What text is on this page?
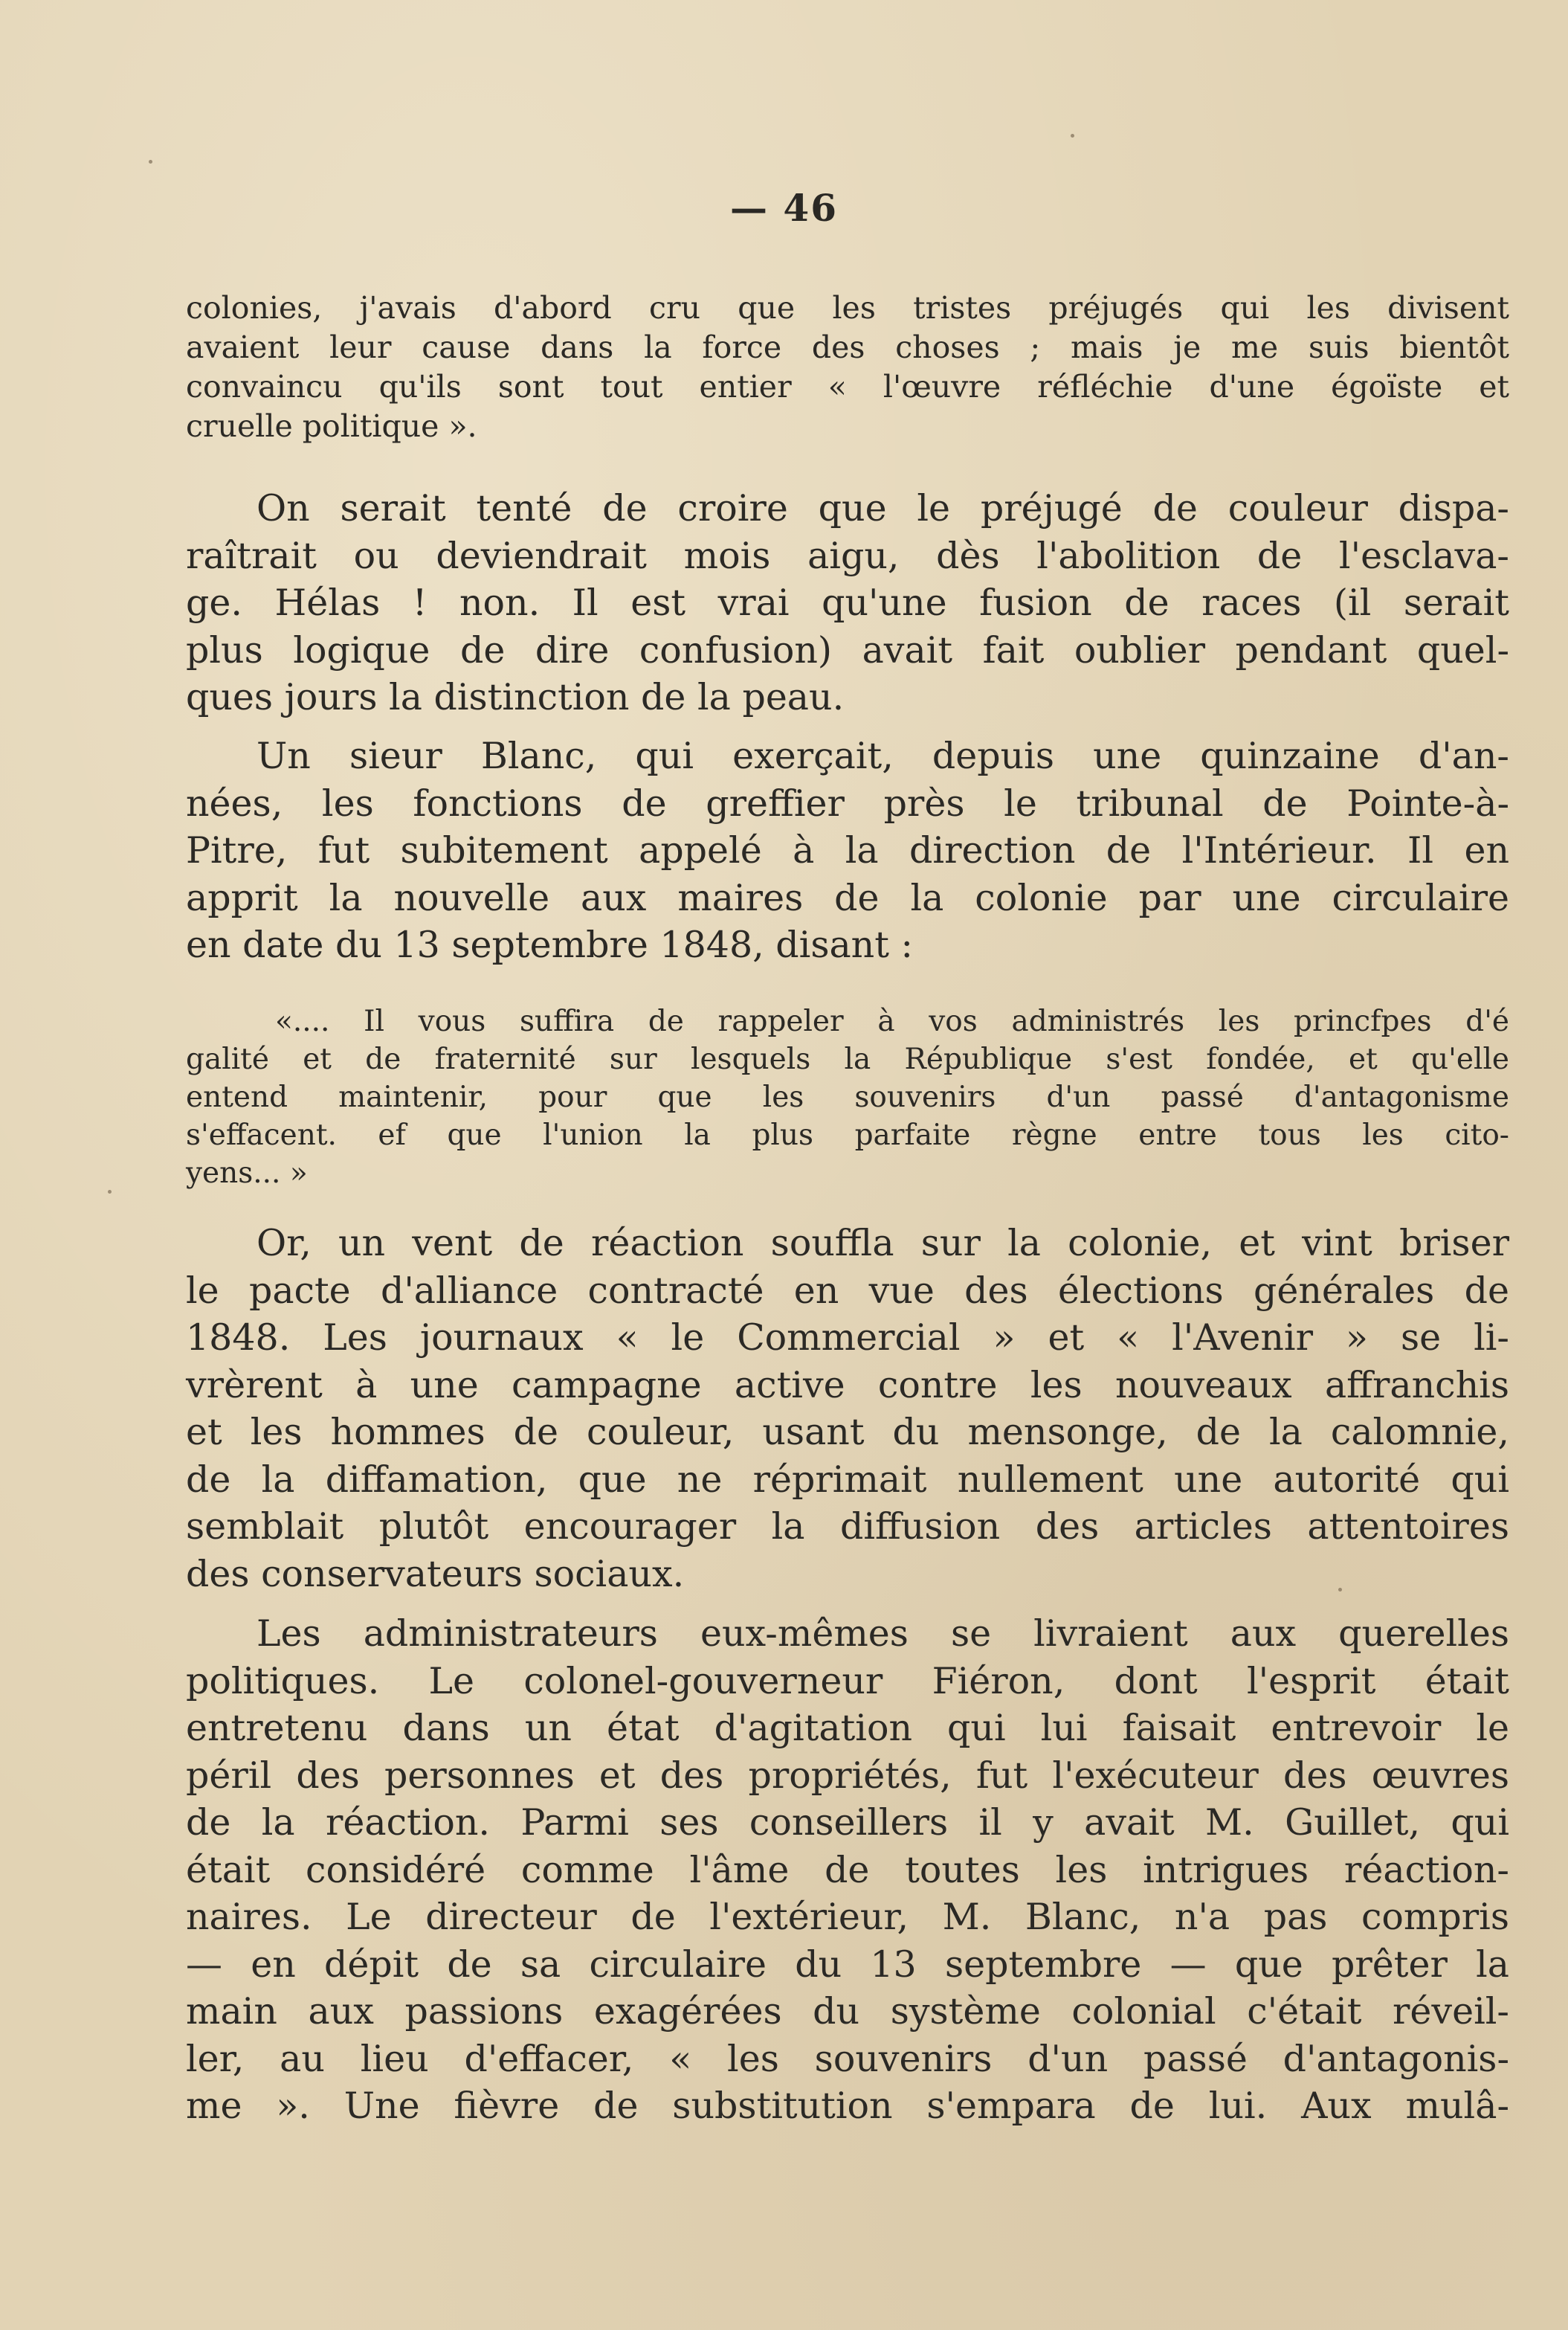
— 46
colonies, j'avais d'abord cru que les tristes préjugés qui les divisent
avaient leur cause dans la force des choses ; mais je me suis bientôt
convaincu qu'ils sont tout entier « l'œuvre réfléchie d'une égoïste et
cruelle politique ».
On serait tenté de croire que le préjugé de couleur dispa-
raîtrait ou deviendrait mois aigu, dès l'abolition de l'esclava-
ge. Hélas ! non. Il est vrai qu'une fusion de races (il serait
plus logique de dire confusion) avait fait oublier pendant quel-
ques jours la distinction de la peau.
Un sieur Blanc, qui exerçait, depuis une quinzaine d'an-
nées, les fonctions de greffier près le tribunal de Pointe-à-
Pitre, fut subitement appelé à la direction de l'Intérieur. Il en
apprit la nouvelle aux maires de la colonie par une circulaire
en date du 13 septembre 1848, disant :
«.... Il vous suffira de rappeler à vos administrés les princfpes d'é
galité et de fraternité sur lesquels la République s'est fondée, et qu'elle
entend maintenir, pour que les souvenirs d'un passé d'antagonisme
s'effacent. ef que l'union la plus parfaite règne entre tous les cito-
yens... »
Or, un vent de réaction souffla sur la colonie, et vint briser
le pacte d'alliance contracté en vue des élections générales de
1848. Les journaux « le Commercial » et « l'Avenir » se li-
vrèrent à une campagne active contre les nouveaux affranchis
et les hommes de couleur, usant du mensonge, de la calomnie,
de la diffamation, que ne réprimait nullement une autorité qui
semblait plutôt encourager la diffusion des articles attentoires
des conservateurs sociaux.
Les administrateurs eux-mêmes se livraient aux querelles
politiques. Le colonel-gouverneur Fiéron, dont l'esprit était
entretenu dans un état d'agitation qui lui faisait entrevoir le
péril des personnes et des propriétés, fut l'exécuteur des œuvres
de la réaction. Parmi ses conseillers il y avait M. Guillet, qui
était considéré comme l'âme de toutes les intrigues réaction-
naires. Le directeur de l'extérieur, M. Blanc, n'a pas compris
— en dépit de sa circulaire du 13 septembre — que prêter la
main aux passions exagérées du système colonial c'était réveil-
ler, au lieu d'effacer, « les souvenirs d'un passé d'antagonis-
me ». Une fièvre de substitution s'empara de lui. Aux mulâ-
